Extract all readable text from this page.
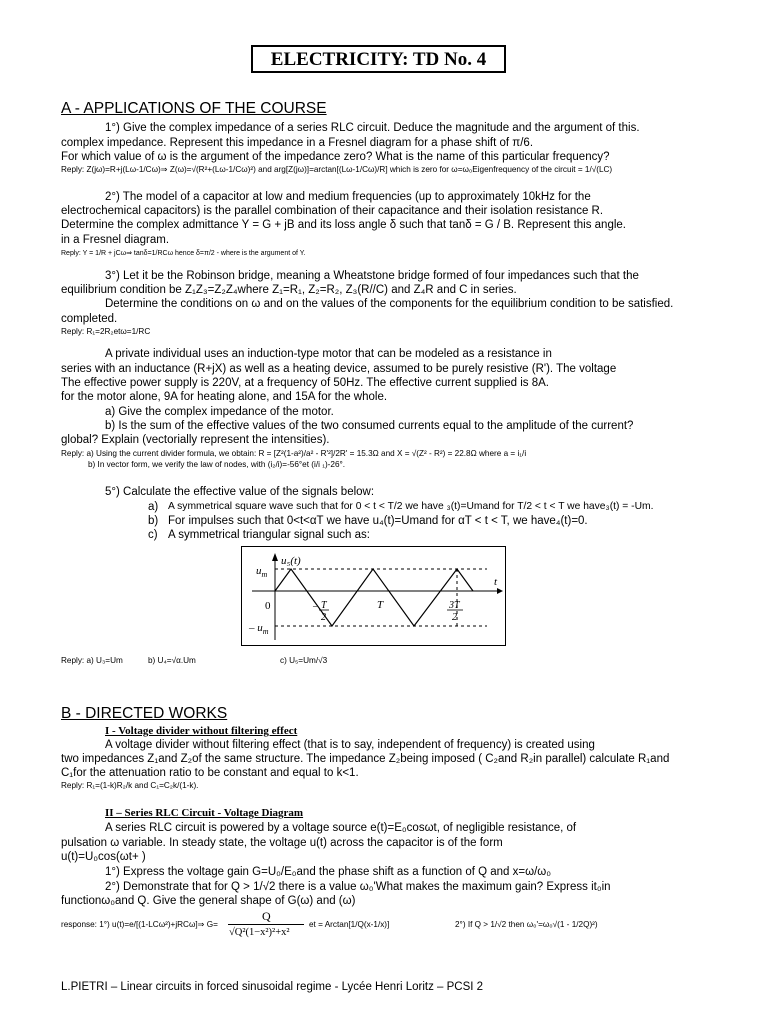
ELECTRICITY: TD No. 4
A - APPLICATIONS OF THE COURSE
1°) Give the complex impedance of a series RLC circuit. Deduce the magnitude and the argument of this.
complex impedance. Represent this impedance in a Fresnel diagram for a phase shift of π/6.
For which value of ω is the argument of the impedance zero? What is the name of this particular frequency?
Reply: Z(jω)=R+j(Lω-1/Cω)⇒ Z(ω)=√(R²+(Lω-1/Cω)²) and arg[Z(jω)]=arctan[(Lω-1/Cω)/R] which is zero for ω=ω₀Eigenfrequency of the circuit = 1/√(LC)
2°) The model of a capacitor at low and medium frequencies (up to approximately 10kHz for the
electrochemical capacitors) is the parallel combination of their capacitance and their isolation resistance R.
Determine the complex admittance Y = G + jB and its loss angle δ such that tanδ = G / B. Represent this angle.
in a Fresnel diagram.
Reply: Y = 1/R + jCω⇒ tanδ=1/RCω hence δ=π/2 - where is the argument of Y.
3°) Let it be the Robinson bridge, meaning a Wheatstone bridge formed of four impedances such that the
equilibrium condition be Z₁Z₃=Z₂Z₄where Z₁=R₁, Z₂=R₂, Z₃(R//C) and Z₄R and C in series.
Determine the conditions on ω and on the values of the components for the equilibrium condition to be satisfied.
completed.
Reply: R₁=2R₂etω=1/RC
A private individual uses an induction-type motor that can be modeled as a resistance in
series with an inductance (R+jX) as well as a heating device, assumed to be purely resistive (R'). The voltage
The effective power supply is 220V, at a frequency of 50Hz. The effective current supplied is 8A.
for the motor alone, 9A for heating alone, and 15A for the whole.
a) Give the complex impedance of the motor.
b) Is the sum of the effective values of the two consumed currents equal to the amplitude of the current?
global? Explain (vectorially represent the intensities).
Reply: a) Using the current divider formula, we obtain: R = [Z²(1-a²)/a² - R'²]/2R' = 15.3Ω and X = √(Z² - R²) = 22.8Ω where a = i₁/i
b) In vector form, we verify the law of nodes, with (i₂/i)=-56°et (i/i ₁)-26°.
5°) Calculate the effective value of the signals below:
a) A symmetrical square wave such that for 0 < t < T/2 we have ₃(t)=Umand for T/2 < t < T we have₃(t) = -Um.
b) For impulses such that 0<t<αT we have u₄(t)=Umand for αT < t < T, we have₄(t)=0.
c) A symmetrical triangular signal such as:
u₅(t)
$u_m$
– $u_m$
0
t
– T
2
T	3T
2
Reply: a) U₃=Um	b) U₄=√α.Um	c) U₅=Um/√3
B - DIRECTED WORKS
I - Voltage divider without filtering effect
A voltage divider without filtering effect (that is to say, independent of frequency) is created using
two impedances Z₁and Z₂of the same structure. The impedance Z₂being imposed ( C₂and R₂in parallel) calculate R₁and
C₁for the attenuation ratio to be constant and equal to k<1.
Reply: R₁=(1-k)R₂/k and C₁=C₂k/(1-k).
II – Series RLC Circuit - Voltage Diagram
A series RLC circuit is powered by a voltage source e(t)=E₀cosωt, of negligible resistance, of
pulsation ω variable. In steady state, the voltage u(t) across the capacitor is of the form
u(t)=U₀cos(ωt+ )
1°) Express the voltage gain G=U₀/E₀and the phase shift as a function of Q and x=ω/ω₀
2°) Demonstrate that for Q > 1/√2 there is a value ω₀'What makes the maximum gain? Express it₀in
functionω₀and Q. Give the general shape of G(ω) and (ω)
response: 1°) u(t)=e/[(1-LCω²)+jRCω]⇒ G=
Q
√Q²(1−x²)²+x²
et = Arctan[1/Q(x-1/x)]	2°) If Q > 1/√2 then ω₀'=ω₀√(1 - 1/2Q)²)
L.PIETRI – Linear circuits in forced sinusoidal regime - Lycée Henri Loritz – PCSI 2
